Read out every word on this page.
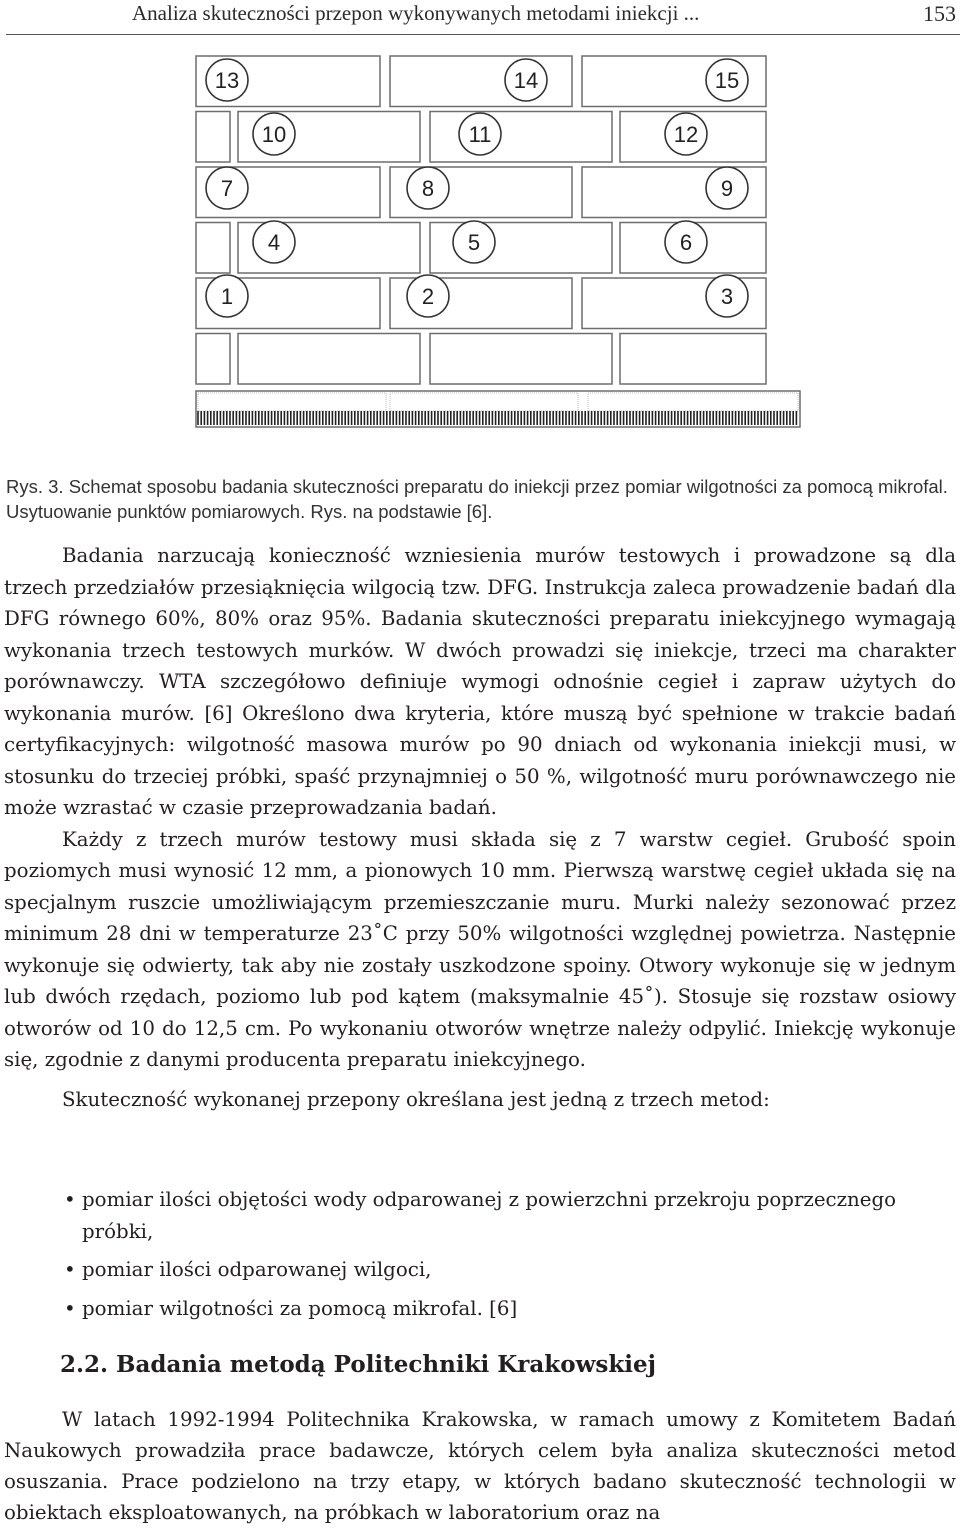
Analiza skuteczności przepon wykonywanych metodami iniekcji ...	153
13	14	15
10	11	12
7	8	9
4	5	6
1	2	3
Rys. 3. Schemat sposobu badania skuteczności preparatu do iniekcji przez pomiar wilgotności za pomocą mikrofal. Usytuowanie punktów pomiarowych. Rys. na podstawie [6].

Badania narzucają konieczność wzniesienia murów testowych i prowadzone są dla trzech przedziałów przesiąknięcia wilgocią tzw. DFG. Instrukcja zaleca prowadzenie badań dla DFG równego 60%, 80% oraz 95%. Badania skuteczności preparatu iniekcyjnego wymagają wykonania trzech testowych murków. W dwóch prowadzi się iniekcje, trzeci ma charakter porównawczy. WTA szczegółowo definiuje wymogi odnośnie cegieł i zapraw użytych do wykonania murów. [6] Określono dwa kryteria, które muszą być spełnione w trakcie badań certyfikacyjnych: wilgotność masowa murów po 90 dniach od wykonania iniekcji musi, w stosunku do trzeciej próbki, spaść przynajmniej o 50 %, wilgotność muru porównawczego nie może wzrastać w czasie przeprowadzania badań.

Każdy z trzech murów testowy musi składa się z 7 warstw cegieł. Grubość spoin poziomych musi wynosić 12 mm, a pionowych 10 mm. Pierwszą warstwę cegieł układa się na specjalnym ruszcie umożliwiającym przemieszczanie muru. Murki należy sezonować przez minimum 28 dni w temperaturze 23˚C przy 50% wilgotności względnej powietrza. Następnie wykonuje się odwierty, tak aby nie zostały uszkodzone spoiny. Otwory wykonuje się w jednym lub dwóch rzędach, poziomo lub pod kątem (maksymalnie 45˚). Stosuje się rozstaw osiowy otworów od 10 do 12,5 cm. Po wykonaniu otworów wnętrze należy odpylić. Iniekcję wykonuje się, zgodnie z danymi producenta preparatu iniekcyjnego.

Skuteczność wykonanej przepony określana jest jedną z trzech metod:

• pomiar ilości objętości wody odparowanej z powierzchni przekroju poprzecznego próbki,
• pomiar ilości odparowanej wilgoci,
• pomiar wilgotności za pomocą mikrofal. [6]
2.2. Badania metodą Politechniki Krakowskiej
W latach 1992-1994 Politechnika Krakowska, w ramach umowy z Komitetem Badań Naukowych prowadziła prace badawcze, których celem była analiza skuteczności metod osuszania. Prace podzielono na trzy etapy, w których badano skuteczność technologii w obiektach eksploatowanych, na próbkach w laboratorium oraz na
